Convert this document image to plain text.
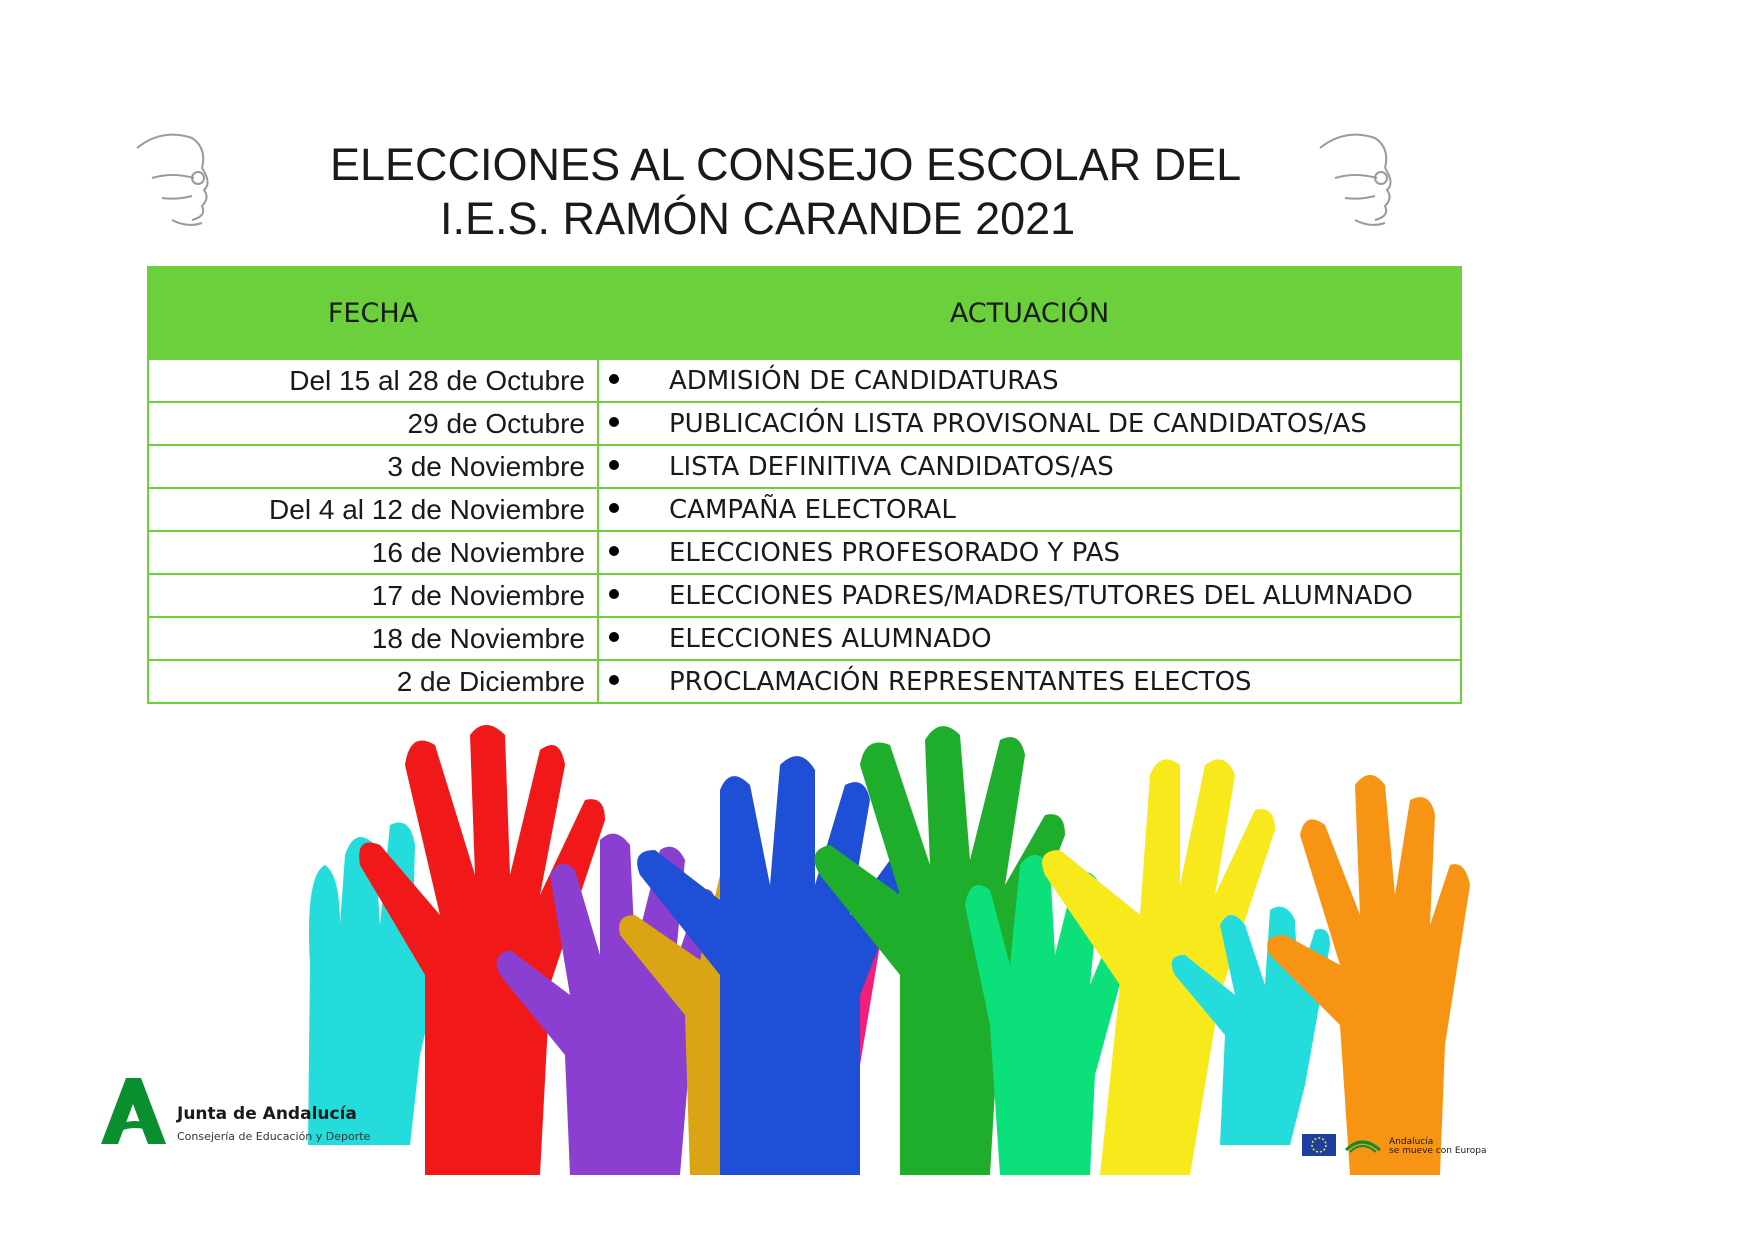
ELECCIONES AL CONSEJO ESCOLAR DEL
I.E.S. RAMÓN CARANDE 2021
FECHA	ACTUACIÓN
Del 15 al 28 de Octubre	ADMISIÓN DE CANDIDATURAS
29 de Octubre	PUBLICACIÓN LISTA PROVISONAL DE CANDIDATOS/AS
3 de Noviembre	LISTA DEFINITIVA CANDIDATOS/AS
Del 4 al 12 de Noviembre	CAMPAÑA ELECTORAL
16 de Noviembre	ELECCIONES PROFESORADO Y PAS
17 de Noviembre	ELECCIONES PADRES/MADRES/TUTORES DEL ALUMNADO
18 de Noviembre	ELECCIONES ALUMNADO
2 de Diciembre	PROCLAMACIÓN REPRESENTANTES ELECTOS
Junta de Andalucía
Consejería de Educación y Deporte	Andalucía
se mueve con Europa
